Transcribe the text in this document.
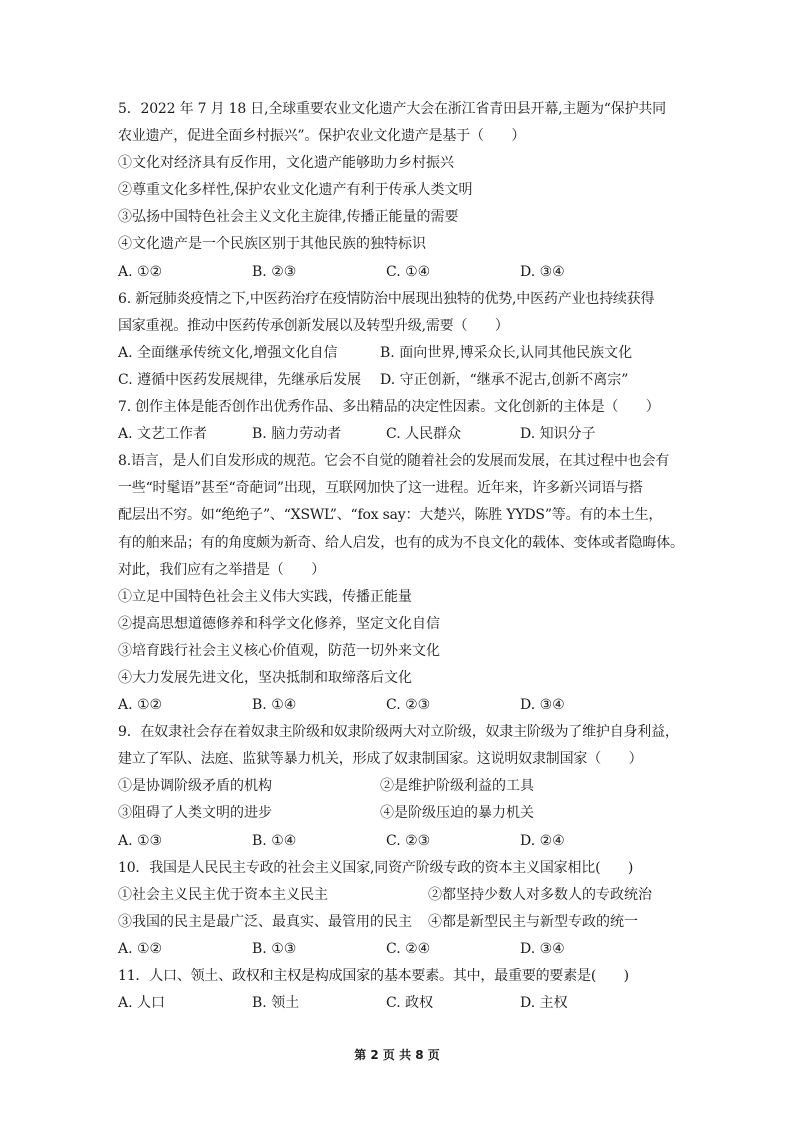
5．2022 年 7 月 18 日,全球重要农业文化遗产大会在浙江省青田县开幕,主题为“保护共同
农业遗产，促进全面乡村振兴”。保护农业文化遗产是基于（　　）
①文化对经济具有反作用，文化遗产能够助力乡村振兴
②尊重文化多样性,保护农业文化遗产有利于传承人类文明
③弘扬中国特色社会主义文化主旋律,传播正能量的需要
④文化遗产是一个民族区别于其他民族的独特标识
A. ①②	B. ②③	C. ①④	D. ③④
6. 新冠肺炎疫情之下,中医药治疗在疫情防治中展现出独特的优势,中医药产业也持续获得
国家重视。推动中医药传承创新发展以及转型升级,需要（　　）
A. 全面继承传统文化,增强文化自信	B. 面向世界,博采众长,认同其他民族文化
C. 遵循中医药发展规律，先继承后发展	D. 守正创新，“继承不泥古,创新不离宗”
7. 创作主体是能否创作出优秀作品、多出精品的决定性因素。文化创新的主体是（　　）
A. 文艺工作者	B. 脑力劳动者	C. 人民群众	D. 知识分子
8.语言，是人们自发形成的规范。它会不自觉的随着社会的发展而发展，在其过程中也会有
一些“时髦语”甚至“奇葩词”出现，互联网加快了这一进程。近年来，许多新兴词语与搭
配层出不穷。如“绝绝子”、“XSWL”、“fox say：大楚兴，陈胜 YYDS”等。有的本土生，
有的舶来品；有的角度颇为新奇、给人启发，也有的成为不良文化的载体、变体或者隐晦体。
对此，我们应有之举措是（　　）
①立足中国特色社会主义伟大实践，传播正能量
②提高思想道德修养和科学文化修养，坚定文化自信
③培育践行社会主义核心价值观，防范一切外来文化
④大力发展先进文化，坚决抵制和取缔落后文化
A. ①②	B. ①④	C. ②③	D. ③④
9．在奴隶社会存在着奴隶主阶级和奴隶阶级两大对立阶级，奴隶主阶级为了维护自身利益，
建立了军队、法庭、监狱等暴力机关，形成了奴隶制国家。这说明奴隶制国家（　　）
①是协调阶级矛盾的机构	②是维护阶级利益的工具
③阻碍了人类文明的进步	④是阶级压迫的暴力机关
A. ①③	B. ①④	C. ②③	D. ②④
10．我国是人民民主专政的社会主义国家,同资产阶级专政的资本主义国家相比(　　)
①社会主义民主优于资本主义民主	②都坚持少数人对多数人的专政统治
③我国的民主是最广泛、最真实、最管用的民主	④都是新型民主与新型专政的统一
A. ①②	B. ①③	C. ②④	D. ③④
11．人口、领土、政权和主权是构成国家的基本要素。其中，最重要的要素是(　　)
A. 人口	B. 领土	C. 政权	D. 主权
第 2 页 共 8 页
